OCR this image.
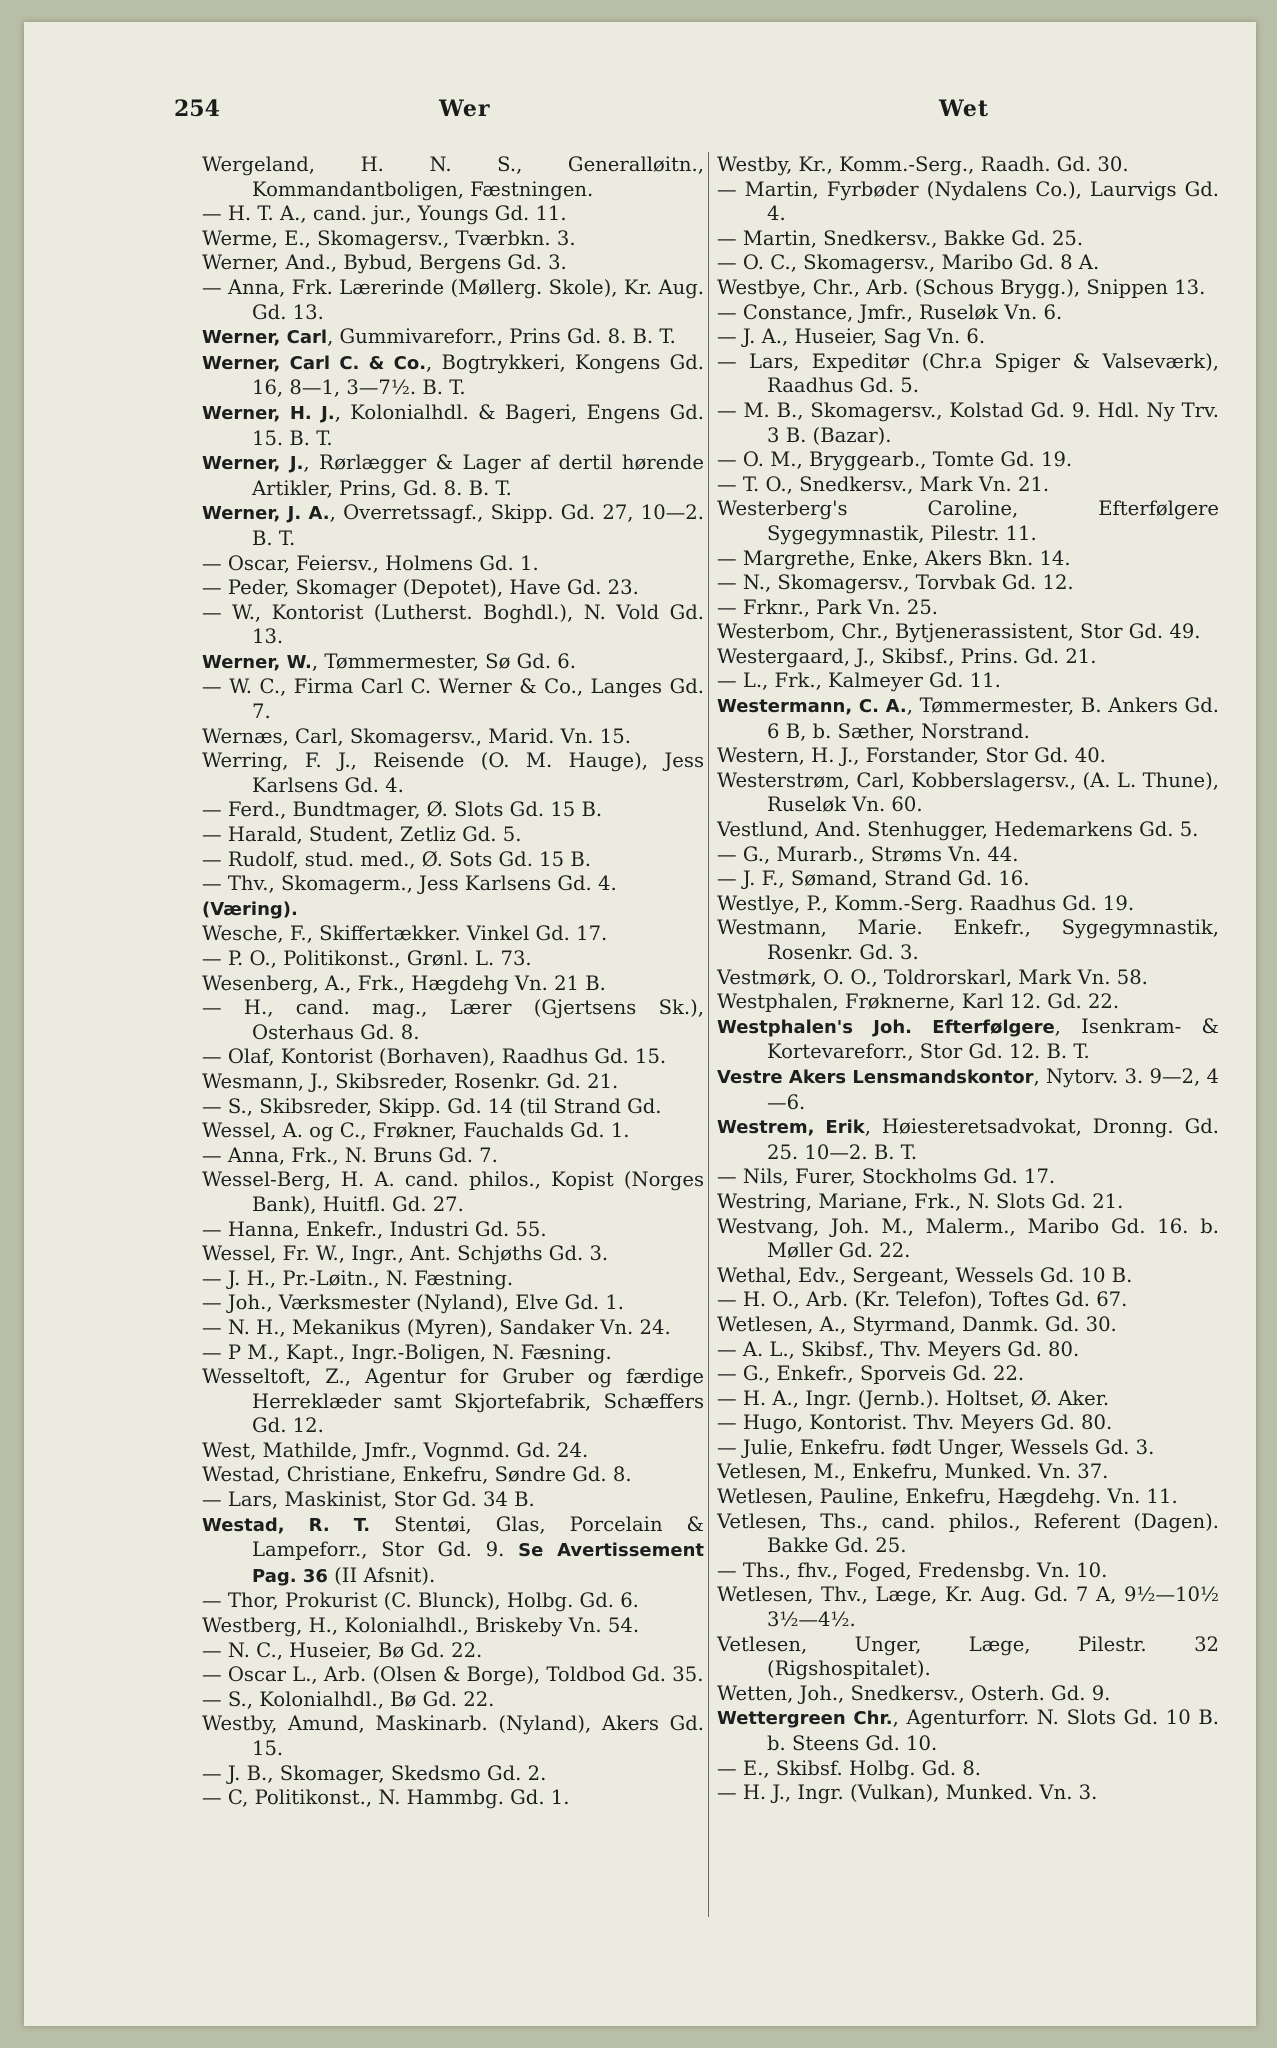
254	Wer	Wet

Wergeland, H. N. S., Generalløitn., Kommandantboligen, Fæstningen.

— H. T. A., cand. jur., Youngs Gd. 11.

Werme, E., Skomagersv., Tværbkn. 3.

Werner, And., Bybud, Bergens Gd. 3.

— Anna, Frk. Lærerinde (Møllerg. Skole), Kr. Aug. Gd. 13.

Werner, Carl, Gummivareforr., Prins Gd. 8. B. T.

Werner, Carl C. & Co., Bogtrykkeri, Kongens Gd. 16, 8—1, 3—7½. B. T.

Werner, H. J., Kolonialhdl. & Bageri, Engens Gd. 15. B. T.

Werner, J., Rørlægger & Lager af dertil hørende Artikler, Prins, Gd. 8. B. T.

Werner, J. A., Overretssagf., Skipp. Gd. 27, 10—2. B. T.

— Oscar, Feiersv., Holmens Gd. 1.

— Peder, Skomager (Depotet), Have Gd. 23.

— W., Kontorist (Lutherst. Boghdl.), N. Vold Gd. 13.

Werner, W., Tømmermester, Sø Gd. 6.

— W. C., Firma Carl C. Werner & Co., Langes Gd. 7.

Wernæs, Carl, Skomagersv., Marid. Vn. 15.

Werring, F. J., Reisende (O. M. Hauge), Jess Karlsens Gd. 4.

— Ferd., Bundtmager, Ø. Slots Gd. 15 B.

— Harald, Student, Zetliz Gd. 5.

— Rudolf, stud. med., Ø. Sots Gd. 15 B.

— Thv., Skomagerm., Jess Karlsens Gd. 4.

(Væring).

Wesche, F., Skiffertækker. Vinkel Gd. 17.

— P. O., Politikonst., Grønl. L. 73.

Wesenberg, A., Frk., Hægdehg Vn. 21 B.

— H., cand. mag., Lærer (Gjertsens Sk.), Osterhaus Gd. 8.

— Olaf, Kontorist (Borhaven), Raadhus Gd. 15.

Wesmann, J., Skibsreder, Rosenkr. Gd. 21.

— S., Skibsreder, Skipp. Gd. 14 (til Strand Gd.

Wessel, A. og C., Frøkner, Fauchalds Gd. 1.

— Anna, Frk., N. Bruns Gd. 7.

Wessel-Berg, H. A. cand. philos., Kopist (Norges Bank), Huitfl. Gd. 27.

— Hanna, Enkefr., Industri Gd. 55.

Wessel, Fr. W., Ingr., Ant. Schjøths Gd. 3.

— J. H., Pr.-Løitn., N. Fæstning.

— Joh., Værksmester (Nyland), Elve Gd. 1.

— N. H., Mekanikus (Myren), Sandaker Vn. 24.

— P M., Kapt., Ingr.-Boligen, N. Fæsning.

Wesseltoft, Z., Agentur for Gruber og færdige Herreklæder samt Skjortefabrik, Schæffers Gd. 12.

West, Mathilde, Jmfr., Vognmd. Gd. 24.

Westad, Christiane, Enkefru, Søndre Gd. 8.

— Lars, Maskinist, Stor Gd. 34 B.

Westad, R. T. Stentøi, Glas, Porcelain & Lampeforr., Stor Gd. 9. Se Avertissement Pag. 36 (II Afsnit).

— Thor, Prokurist (C. Blunck), Holbg. Gd. 6.

Westberg, H., Kolonialhdl., Briskeby Vn. 54.

— N. C., Huseier, Bø Gd. 22.

— Oscar L., Arb. (Olsen & Borge), Toldbod Gd. 35.

— S., Kolonialhdl., Bø Gd. 22.

Westby, Amund, Maskinarb. (Nyland), Akers Gd. 15.

— J. B., Skomager, Skedsmo Gd. 2.

— C, Politikonst., N. Hammbg. Gd. 1.

Westby, Kr., Komm.-Serg., Raadh. Gd. 30.

— Martin, Fyrbøder (Nydalens Co.), Laurvigs Gd. 4.

— Martin, Snedkersv., Bakke Gd. 25.

— O. C., Skomagersv., Maribo Gd. 8 A.

Westbye, Chr., Arb. (Schous Brygg.), Snippen 13.

— Constance, Jmfr., Ruseløk Vn. 6.

— J. A., Huseier, Sag Vn. 6.

— Lars, Expeditør (Chr.a Spiger & Valseværk), Raadhus Gd. 5.

— M. B., Skomagersv., Kolstad Gd. 9. Hdl. Ny Trv. 3 B. (Bazar).

— O. M., Bryggearb., Tomte Gd. 19.

— T. O., Snedkersv., Mark Vn. 21.

Westerberg's Caroline, Efterfølgere Sygegymnastik, Pilestr. 11.

— Margrethe, Enke, Akers Bkn. 14.

— N., Skomagersv., Torvbak Gd. 12.

— Frknr., Park Vn. 25.

Westerbom, Chr., Bytjenerassistent, Stor Gd. 49.

Westergaard, J., Skibsf., Prins. Gd. 21.

— L., Frk., Kalmeyer Gd. 11.

Westermann, C. A., Tømmermester, B. Ankers Gd. 6 B, b. Sæther, Norstrand.

Western, H. J., Forstander, Stor Gd. 40.

Westerstrøm, Carl, Kobberslagersv., (A. L. Thune), Ruseløk Vn. 60.

Vestlund, And. Stenhugger, Hedemarkens Gd. 5.

— G., Murarb., Strøms Vn. 44.

— J. F., Sømand, Strand Gd. 16.

Westlye, P., Komm.-Serg. Raadhus Gd. 19.

Westmann, Marie. Enkefr., Sygegymnastik, Rosenkr. Gd. 3.

Vestmørk, O. O., Toldrorskarl, Mark Vn. 58.

Westphalen, Frøknerne, Karl 12. Gd. 22.

Westphalen's Joh. Efterfølgere, Isenkram- & Kortevareforr., Stor Gd. 12. B. T.

Vestre Akers Lensmandskontor, Nytorv. 3. 9—2, 4—6.

Westrem, Erik, Høiesteretsadvokat, Dronng. Gd. 25. 10—2. B. T.

— Nils, Furer, Stockholms Gd. 17.

Westring, Mariane, Frk., N. Slots Gd. 21.

Westvang, Joh. M., Malerm., Maribo Gd. 16. b. Møller Gd. 22.

Wethal, Edv., Sergeant, Wessels Gd. 10 B.

— H. O., Arb. (Kr. Telefon), Toftes Gd. 67.

Wetlesen, A., Styrmand, Danmk. Gd. 30.

— A. L., Skibsf., Thv. Meyers Gd. 80.

— G., Enkefr., Sporveis Gd. 22.

— H. A., Ingr. (Jernb.). Holtset, Ø. Aker.

— Hugo, Kontorist. Thv. Meyers Gd. 80.

— Julie, Enkefru. født Unger, Wessels Gd. 3.

Vetlesen, M., Enkefru, Munked. Vn. 37.

Wetlesen, Pauline, Enkefru, Hægdehg. Vn. 11.

Vetlesen, Ths., cand. philos., Referent (Dagen). Bakke Gd. 25.

— Ths., fhv., Foged, Fredensbg. Vn. 10.

Wetlesen, Thv., Læge, Kr. Aug. Gd. 7 A, 9½—10½ 3½—4½.

Vetlesen, Unger, Læge, Pilestr. 32 (Rigshospitalet).

Wetten, Joh., Snedkersv., Osterh. Gd. 9.

Wettergreen Chr., Agenturforr. N. Slots Gd. 10 B. b. Steens Gd. 10.

— E., Skibsf. Holbg. Gd. 8.

— H. J., Ingr. (Vulkan), Munked. Vn. 3.
